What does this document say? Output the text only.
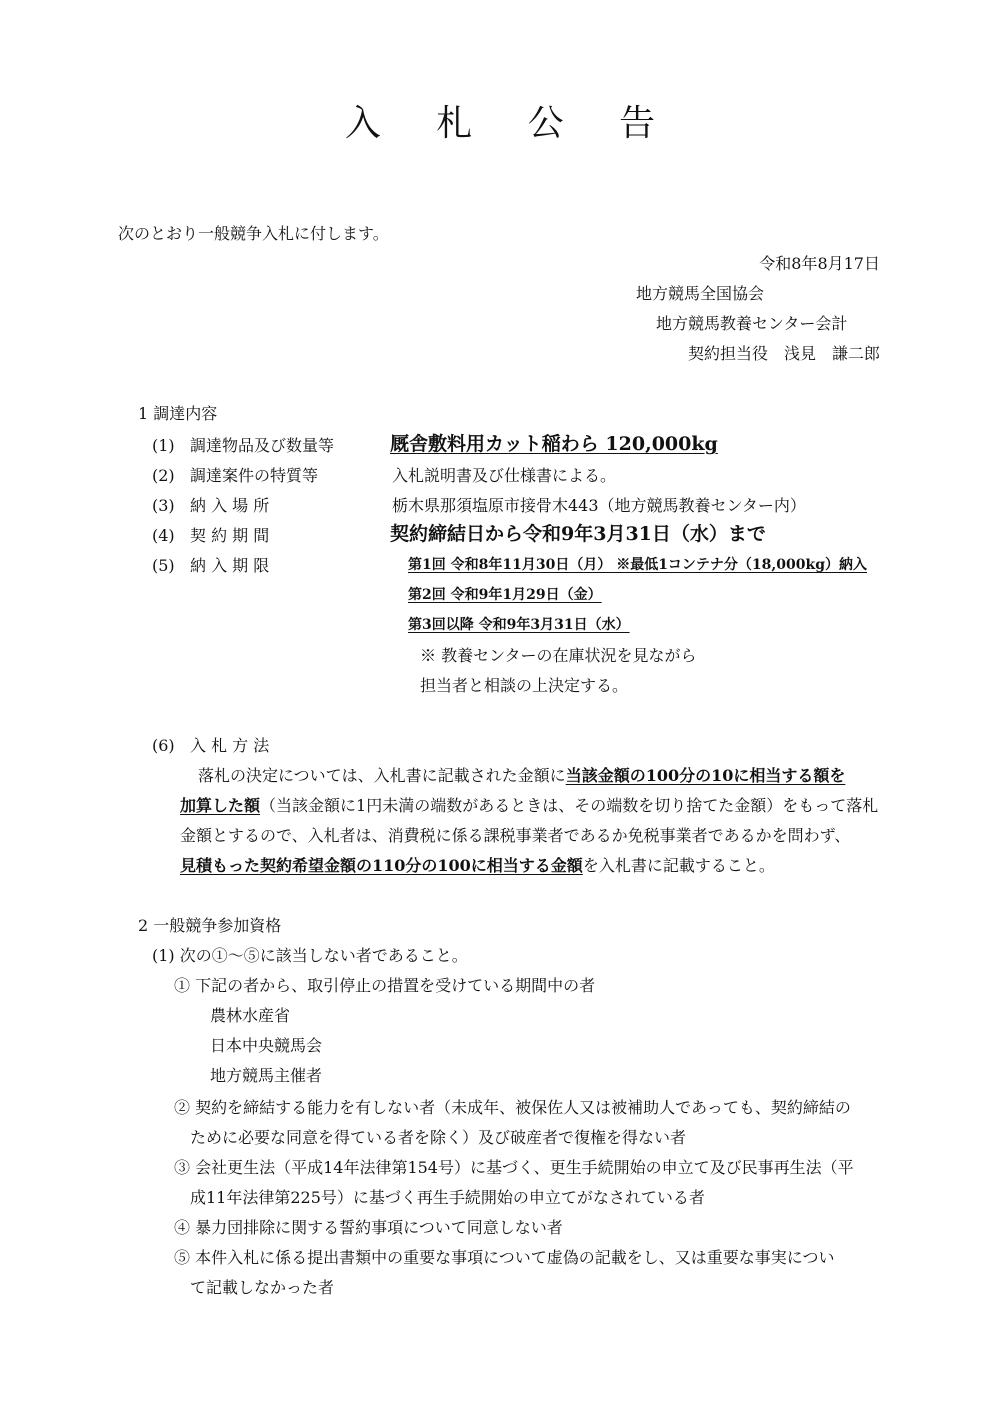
入 札 公 告
次のとおり一般競争入札に付します。
令和8年8月17日
地方競馬全国協会
地方競馬教養センター会計
契約担当役　浅見　謙二郎
1 調達内容
(1) 調達物品及び数量等	厩舎敷料用カット稲わら 120,000kg
(2) 調達案件の特質等	入札説明書及び仕様書による。
(3) 納 入 場 所	栃木県那須塩原市接骨木443（地方競馬教養センター内）
(4) 契 約 期 間	契約締結日から令和9年3月31日（水）まで
(5) 納 入 期 限	第1回 令和8年11月30日（月） ※最低1コンテナ分（18,000kg）納入
第2回 令和9年1月29日（金）
第3回以降 令和9年3月31日（水）
※ 教養センターの在庫状況を見ながら
担当者と相談の上決定する。
(6) 入 札 方 法
落札の決定については、入札書に記載された金額に当該金額の100分の10に相当する額を
加算した額（当該金額に1円未満の端数があるときは、その端数を切り捨てた金額）をもって落札
金額とするので、入札者は、消費税に係る課税事業者であるか免税事業者であるかを問わず、
見積もった契約希望金額の110分の100に相当する金額を入札書に記載すること。
2 一般競争参加資格
(1) 次の①～⑤に該当しない者であること。
① 下記の者から、取引停止の措置を受けている期間中の者
農林水産省
日本中央競馬会
地方競馬主催者
② 契約を締結する能力を有しない者（未成年、被保佐人又は被補助人であっても、契約締結の
ために必要な同意を得ている者を除く）及び破産者で復権を得ない者
③ 会社更生法（平成14年法律第154号）に基づく、更生手続開始の申立て及び民事再生法（平
成11年法律第225号）に基づく再生手続開始の申立てがなされている者
④ 暴力団排除に関する誓約事項について同意しない者
⑤ 本件入札に係る提出書類中の重要な事項について虚偽の記載をし、又は重要な事実につい
て記載しなかった者
